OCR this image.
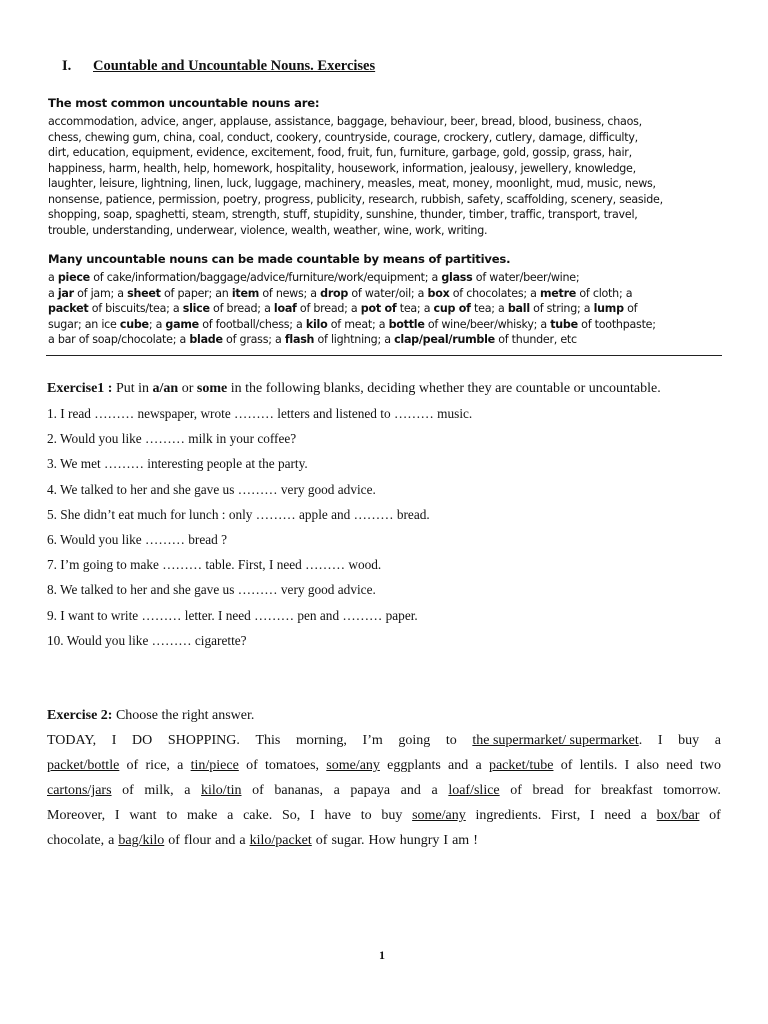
I. Countable and Uncountable Nouns. Exercises
The most common uncountable nouns are:
accommodation, advice, anger, applause, assistance, baggage, behaviour, beer, bread, blood, business, chaos,
chess, chewing gum, china, coal, conduct, cookery, countryside, courage, crockery, cutlery, damage, difficulty,
dirt, education, equipment, evidence, excitement, food, fruit, fun, furniture, garbage, gold, gossip, grass, hair,
happiness, harm, health, help, homework, hospitality, housework, information, jealousy, jewellery, knowledge,
laughter, leisure, lightning, linen, luck, luggage, machinery, measles, meat, money, moonlight, mud, music, news,
nonsense, patience, permission, poetry, progress, publicity, research, rubbish, safety, scaffolding, scenery, seaside,
shopping, soap, spaghetti, steam, strength, stuff, stupidity, sunshine, thunder, timber, traffic, transport, travel,
trouble, understanding, underwear, violence, wealth, weather, wine, work, writing.
Many uncountable nouns can be made countable by means of partitives.
a piece of cake/information/baggage/advice/furniture/work/equipment; a glass of water/beer/wine;
a jar of jam; a sheet of paper; an item of news; a drop of water/oil; a box of chocolates; a metre of cloth; a
packet of biscuits/tea; a slice of bread; a loaf of bread; a pot of tea; a cup of tea; a ball of string; a lump of
sugar; an ice cube; a game of football/chess; a kilo of meat; a bottle of wine/beer/whisky; a tube of toothpaste;
a bar of soap/chocolate; a blade of grass; a flash of lightning; a clap/peal/rumble of thunder, etc
Exercise1 : Put in a/an or some in the following blanks, deciding whether they are countable or uncountable.
1. I read ……… newspaper, wrote ……… letters and listened to ……… music.
2. Would you like ……… milk in your coffee?
3. We met ……… interesting people at the party.
4. We talked to her and she gave us ……… very good advice.
5. She didn’t eat much for lunch : only ……… apple and ……… bread.
6. Would you like ……… bread ?
7. I’m going to make ……… table. First, I need ……… wood.
8. We talked to her and she gave us ……… very good advice.
9. I want to write ……… letter. I need ……… pen and ……… paper.
10. Would you like ……… cigarette?
Exercise 2: Choose the right answer.
TODAY, I DO SHOPPING. This morning, I’m going to the supermarket/ supermarket. I buy a
packet/bottle of rice, a tin/piece of tomatoes, some/any eggplants and a packet/tube of lentils. I also need two
cartons/jars of milk, a kilo/tin of bananas, a papaya and a loaf/slice of bread for breakfast tomorrow.
Moreover, I want to make a cake. So, I have to buy some/any ingredients. First, I need a box/bar of
chocolate, a bag/kilo of flour and a kilo/packet of sugar. How hungry I am !
1
